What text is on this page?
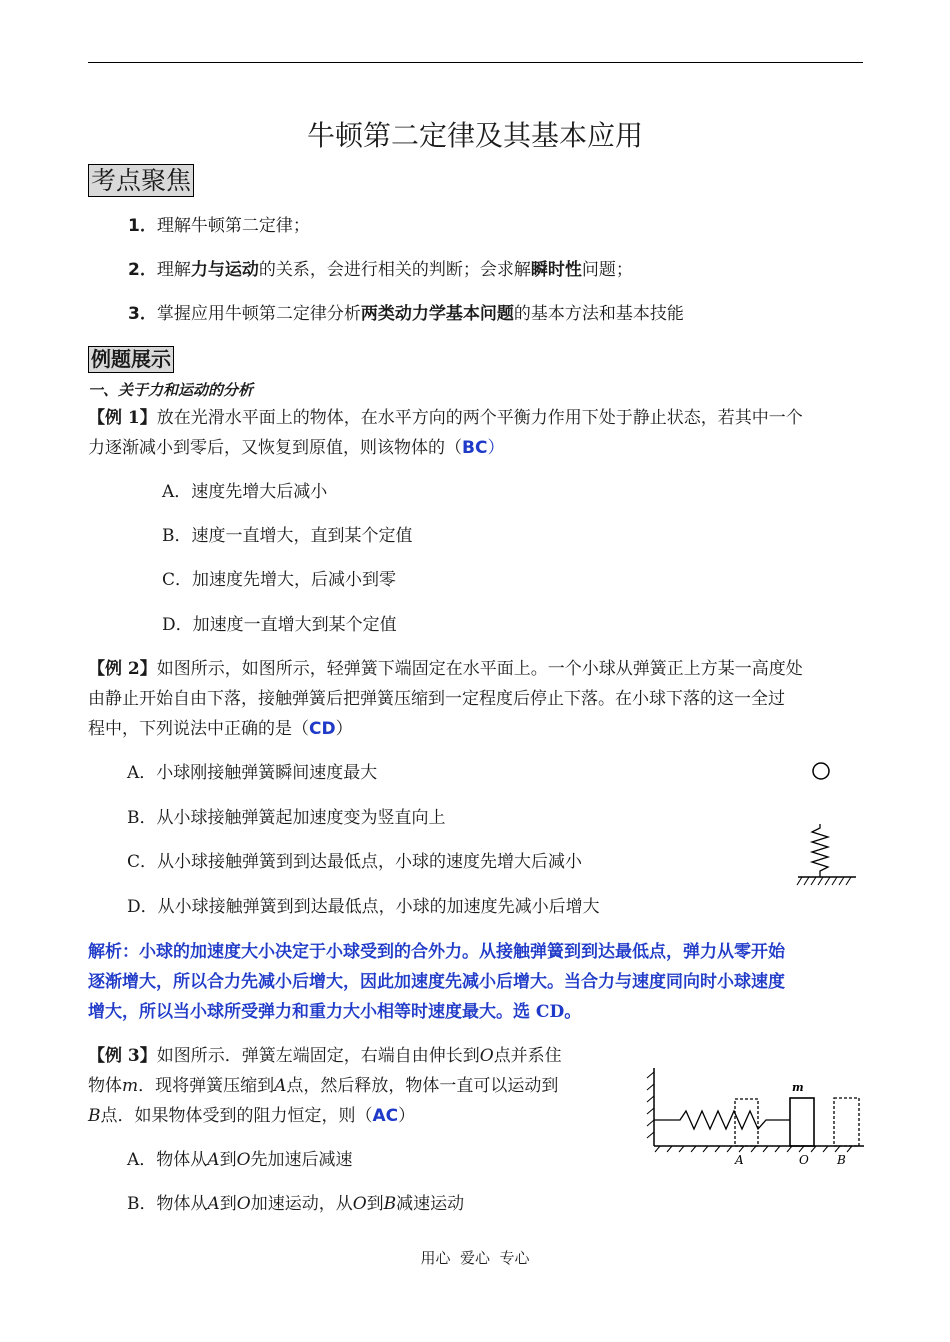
牛顿第二定律及其基本应用
考点聚焦
1．理解牛顿第二定律；
2．理解力与运动的关系，会进行相关的判断；会求解瞬时性问题；
3．掌握应用牛顿第二定律分析两类动力学基本问题的基本方法和基本技能
例题展示
一、关于力和运动的分析
【例 1】放在光滑水平面上的物体，在水平方向的两个平衡力作用下处于静止状态，若其中一个
力逐渐减小到零后，又恢复到原值，则该物体的（BC）
A．速度先增大后减小
B．速度一直增大，直到某个定值
C．加速度先增大，后减小到零
D．加速度一直增大到某个定值
【例 2】如图所示，如图所示，轻弹簧下端固定在水平面上。一个小球从弹簧正上方某一高度处
由静止开始自由下落，接触弹簧后把弹簧压缩到一定程度后停止下落。在小球下落的这一全过
程中，下列说法中正确的是（CD）
A．小球刚接触弹簧瞬间速度最大
B．从小球接触弹簧起加速度变为竖直向上
C．从小球接触弹簧到到达最低点，小球的速度先增大后减小
D．从小球接触弹簧到到达最低点，小球的加速度先减小后增大
解析：小球的加速度大小决定于小球受到的合外力。从接触弹簧到到达最低点，弹力从零开始
逐渐增大，所以合力先减小后增大，因此加速度先减小后增大。当合力与速度同向时小球速度
增大，所以当小球所受弹力和重力大小相等时速度最大。选 CD。
【例 3】如图所示．弹簧左端固定，右端自由伸长到O点并系住
物体m．现将弹簧压缩到A点，然后释放，物体一直可以运动到
B点．如果物体受到的阻力恒定，则（AC）
A．物体从A到O先加速后减速
B．物体从A到O加速运动，从O到B减速运动
m
A	O B
用心  爱心  专心
